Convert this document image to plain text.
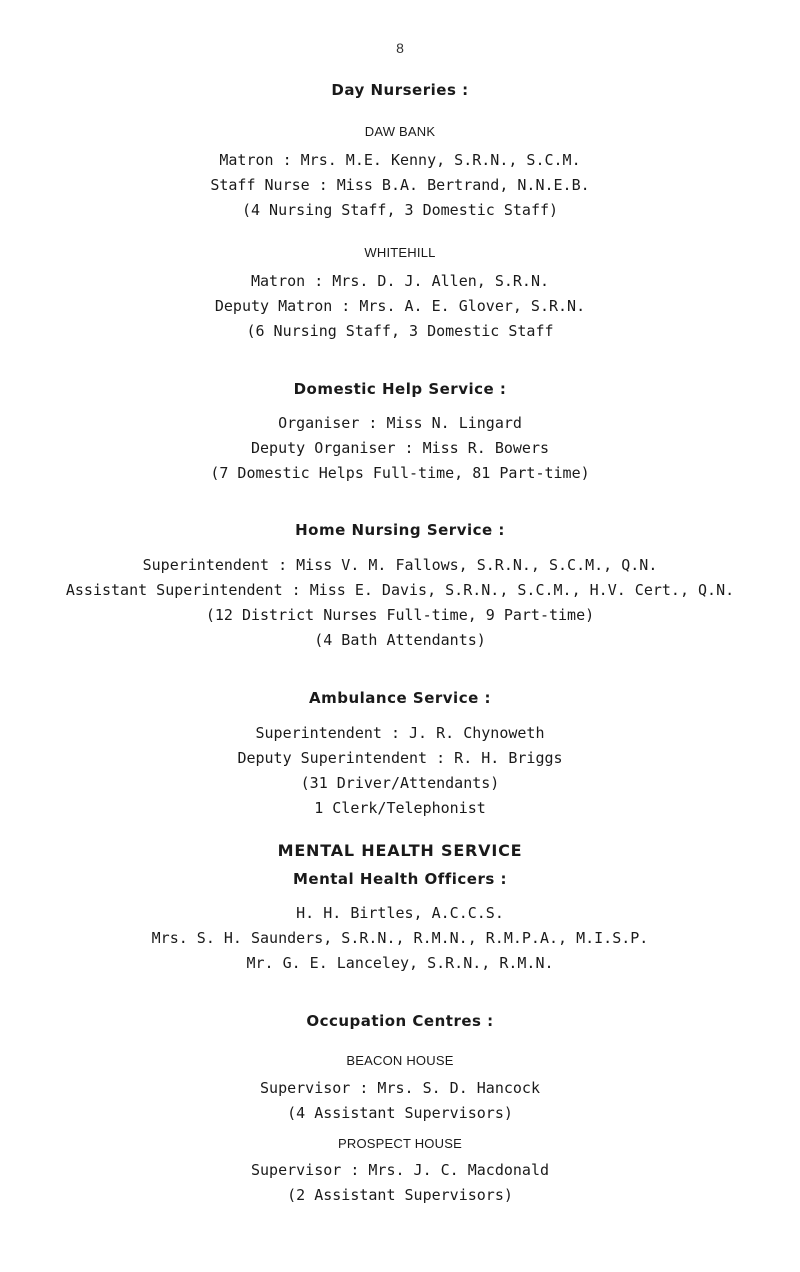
8
Day Nurseries :
DAW BANK
Matron : Mrs. M.E. Kenny, S.R.N., S.C.M.
Staff Nurse : Miss B.A. Bertrand, N.N.E.B.
(4 Nursing Staff, 3 Domestic Staff)
WHITEHILL
Matron : Mrs. D. J. Allen, S.R.N.
Deputy Matron : Mrs. A. E. Glover, S.R.N.
(6 Nursing Staff, 3 Domestic Staff
Domestic Help Service :
Organiser : Miss N. Lingard
Deputy Organiser : Miss R. Bowers
(7 Domestic Helps Full-time, 81 Part-time)
Home Nursing Service :
Superintendent : Miss V. M. Fallows, S.R.N., S.C.M., Q.N.
Assistant Superintendent : Miss E. Davis, S.R.N., S.C.M., H.V. Cert., Q.N.
(12 District Nurses Full-time, 9 Part-time)
(4 Bath Attendants)
Ambulance Service :
Superintendent : J. R. Chynoweth
Deputy Superintendent : R. H. Briggs
(31 Driver/Attendants)
1 Clerk/Telephonist
MENTAL HEALTH SERVICE
Mental Health Officers :
H. H. Birtles, A.C.C.S.
Mrs. S. H. Saunders, S.R.N., R.M.N., R.M.P.A., M.I.S.P.
Mr. G. E. Lanceley, S.R.N., R.M.N.
Occupation Centres :
BEACON HOUSE
Supervisor : Mrs. S. D. Hancock
(4 Assistant Supervisors)
PROSPECT HOUSE
Supervisor : Mrs. J. C. Macdonald
(2 Assistant Supervisors)
